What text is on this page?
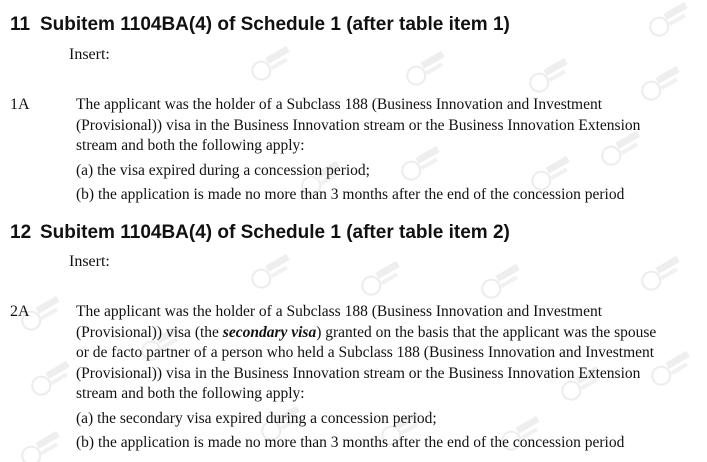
11 Subitem 1104BA(4) of Schedule 1 (after table item 1)
Insert:
1A	The applicant was the holder of a Subclass 188 (Business Innovation and Investment

(Provisional)) visa in the Business Innovation stream or the Business Innovation Extension

stream and both the following apply:

(a) the visa expired during a concession period;

(b) the application is made no more than 3 months after the end of the concession period

12 Subitem 1104BA(4) of Schedule 1 (after table item 2)
Insert:
2A	The applicant was the holder of a Subclass 188 (Business Innovation and Investment

(Provisional)) visa (the secondary visa) granted on the basis that the applicant was the spouse

or de facto partner of a person who held a Subclass 188 (Business Innovation and Investment

(Provisional)) visa in the Business Innovation stream or the Business Innovation Extension

stream and both the following apply:

(a) the secondary visa expired during a concession period;

(b) the application is made no more than 3 months after the end of the concession period
